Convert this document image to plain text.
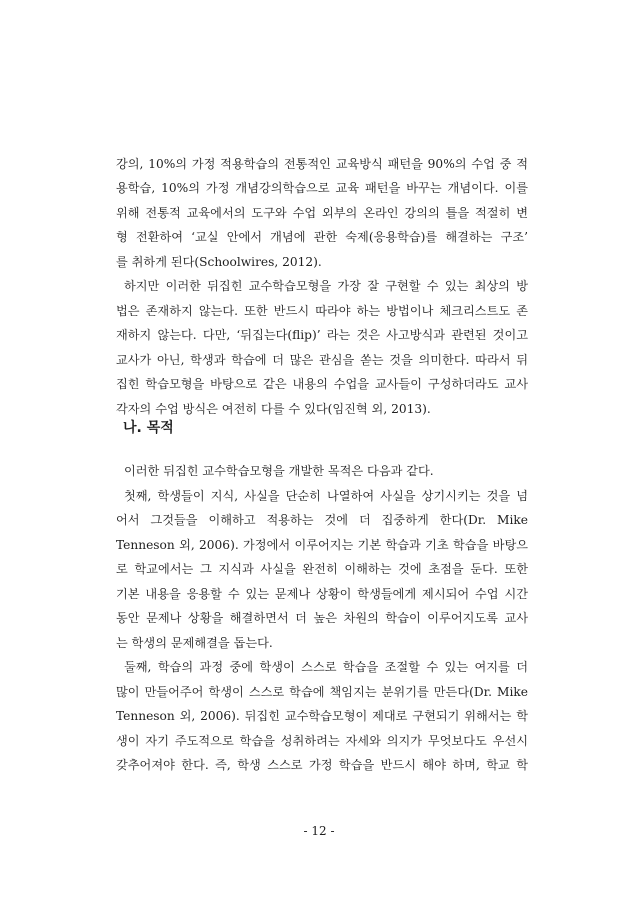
강의, 10%의 가정 적용학습의 전통적인 교육방식 패턴을 90%의 수업 중 적
용학습, 10%의 가정 개념강의학습으로 교육 패턴을 바꾸는 개념이다. 이를
위해 전통적 교육에서의 도구와 수업 외부의 온라인 강의의 틀을 적절히 변
형 전환하여 ‘교실 안에서 개념에 관한 숙제(응용학습)를 해결하는 구조’
를 취하게 된다(Schoolwires, 2012).
하지만 이러한 뒤집힌 교수학습모형을 가장 잘 구현할 수 있는 최상의 방
법은 존재하지 않는다. 또한 반드시 따라야 하는 방법이나 체크리스트도 존
재하지 않는다. 다만, ‘뒤집는다(flip)’ 라는 것은 사고방식과 관련된 것이고
교사가 아닌, 학생과 학습에 더 많은 관심을 쏟는 것을 의미한다. 따라서 뒤
집힌 학습모형을 바탕으로 같은 내용의 수업을 교사들이 구성하더라도 교사
각자의 수업 방식은 여전히 다를 수 있다(임진혁 외, 2013).
나. 목적
이러한 뒤집힌 교수학습모형을 개발한 목적은 다음과 같다.
첫째, 학생들이 지식, 사실을 단순히 나열하여 사실을 상기시키는 것을 넘
어서 그것들을 이해하고 적용하는 것에 더 집중하게 한다(Dr. Mike
Tenneson 외, 2006). 가정에서 이루어지는 기본 학습과 기초 학습을 바탕으
로 학교에서는 그 지식과 사실을 완전히 이해하는 것에 초점을 둔다. 또한
기본 내용을 응용할 수 있는 문제나 상황이 학생들에게 제시되어 수업 시간
동안 문제나 상황을 해결하면서 더 높은 차원의 학습이 이루어지도록 교사
는 학생의 문제해결을 돕는다.
둘째, 학습의 과정 중에 학생이 스스로 학습을 조절할 수 있는 여지를 더
많이 만들어주어 학생이 스스로 학습에 책임지는 분위기를 만든다(Dr. Mike
Tenneson 외, 2006). 뒤집힌 교수학습모형이 제대로 구현되기 위해서는 학
생이 자기 주도적으로 학습을 성취하려는 자세와 의지가 무엇보다도 우선시
갖추어져야 한다. 즉, 학생 스스로 가정 학습을 반드시 해야 하며, 학교 학
- 12 -
